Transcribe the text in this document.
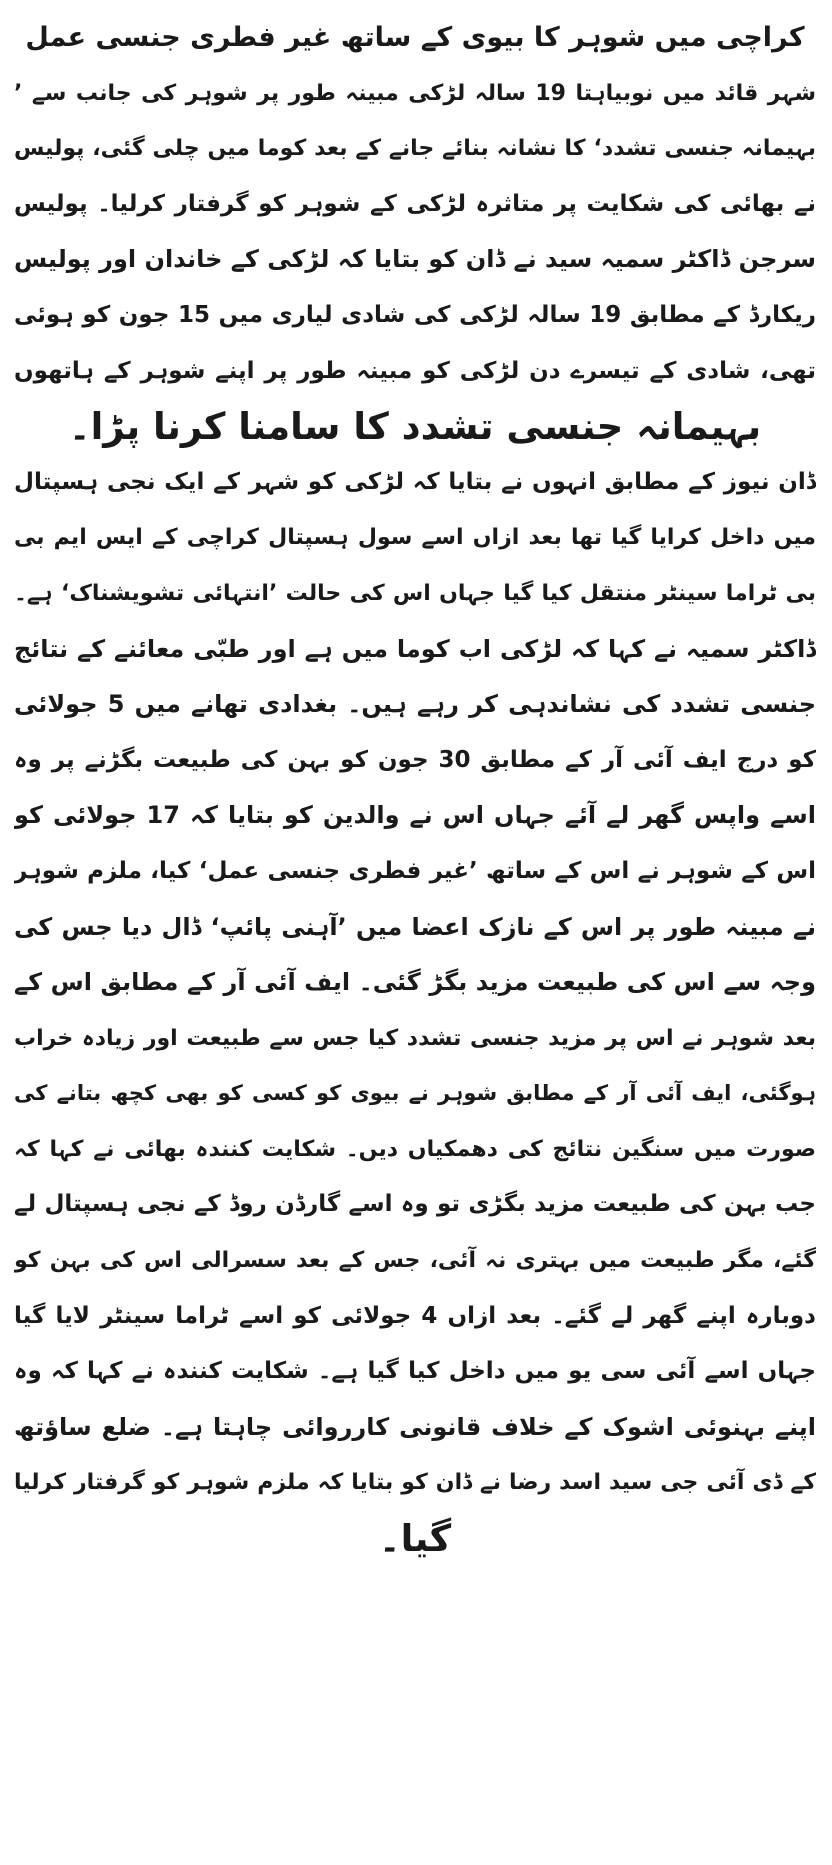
کراچی میں شوہر کا بیوی کے ساتھ غیر فطری جنسی عمل
شہر قائد میں نوبیاہتا 19 سالہ لڑکی مبینہ طور پر شوہر کی جانب سے ’
بہیمانہ جنسی تشدد‘ کا نشانہ بنائے جانے کے بعد کوما میں چلی گئی، پولیس
نے بھائی کی شکایت پر متاثرہ لڑکی کے شوہر کو گرفتار کرلیا۔ پولیس
سرجن ڈاکٹر سمیہ سید نے ڈان کو بتایا کہ لڑکی کے خاندان اور پولیس
ریکارڈ کے مطابق 19 سالہ لڑکی کی شادی لیاری میں 15 جون کو ہوئی
تھی، شادی کے تیسرے دن لڑکی کو مبینہ طور پر اپنے شوہر کے ہاتھوں
بہیمانہ جنسی تشدد کا سامنا کرنا پڑا۔
ڈان نیوز کے مطابق انہوں نے بتایا کہ لڑکی کو شہر کے ایک نجی ہسپتال
میں داخل کرایا گیا تھا بعد ازاں اسے سول ہسپتال کراچی کے ایس ایم بی
بی ٹراما سینٹر منتقل کیا گیا جہاں اس کی حالت ’انتہائی تشویشناک‘ ہے۔
ڈاکٹر سمیہ نے کہا کہ لڑکی اب کوما میں ہے اور طبّی معائنے کے نتائج
جنسی تشدد کی نشاندہی کر رہے ہیں۔ بغدادی تھانے میں 5 جولائی
کو درج ایف آئی آر کے مطابق 30 جون کو بہن کی طبیعت بگڑنے پر وہ
اسے واپس گھر لے آئے جہاں اس نے والدین کو بتایا کہ 17 جولائی کو
اس کے شوہر نے اس کے ساتھ ’غیر فطری جنسی عمل‘ کیا، ملزم شوہر
نے مبینہ طور پر اس کے نازک اعضا میں ’آہنی پائپ‘ ڈال دیا جس کی
وجہ سے اس کی طبیعت مزید بگڑ گئی۔ ایف آئی آر کے مطابق اس کے
بعد شوہر نے اس پر مزید جنسی تشدد کیا جس سے طبیعت اور زیادہ خراب
ہوگئی، ایف آئی آر کے مطابق شوہر نے بیوی کو کسی کو بھی کچھ بتانے کی
صورت میں سنگین نتائج کی دھمکیاں دیں۔ شکایت کنندہ بھائی نے کہا کہ
جب بہن کی طبیعت مزید بگڑی تو وہ اسے گارڈن روڈ کے نجی ہسپتال لے
گئے، مگر طبیعت میں بہتری نہ آئی، جس کے بعد سسرالی اس کی بہن کو
دوبارہ اپنے گھر لے گئے۔ بعد ازاں 4 جولائی کو اسے ٹراما سینٹر لایا گیا
جہاں اسے آئی سی یو میں داخل کیا گیا ہے۔ شکایت کنندہ نے کہا کہ وہ
اپنے بہنوئی اشوک کے خلاف قانونی کارروائی چاہتا ہے۔ ضلع ساؤتھ
کے ڈی آئی جی سید اسد رضا نے ڈان کو بتایا کہ ملزم شوہر کو گرفتار کرلیا
گیا۔
